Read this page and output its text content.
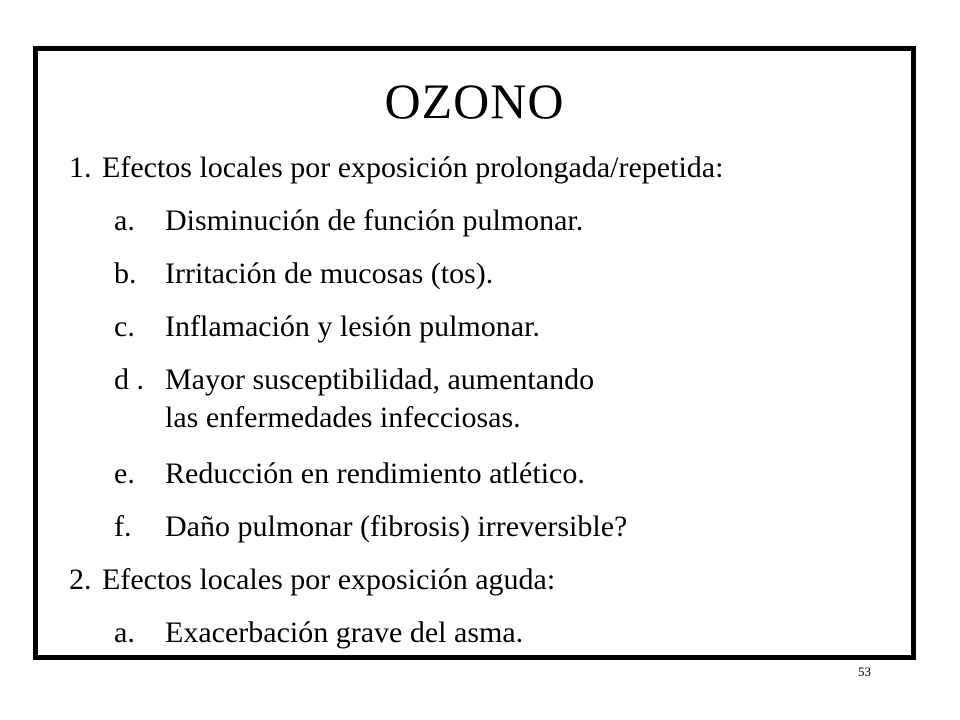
OZONO
1. Efectos locales por exposición prolongada/repetida:
a. Disminución de función pulmonar.
b. Irritación de mucosas (tos).
c. Inflamación y lesión pulmonar.
d . Mayor susceptibilidad, aumentando
las enfermedades infecciosas.
e. Reducción en rendimiento atlético.
f. Daño pulmonar (fibrosis) irreversible?
2. Efectos locales por exposición aguda:
a. Exacerbación grave del asma.
53
